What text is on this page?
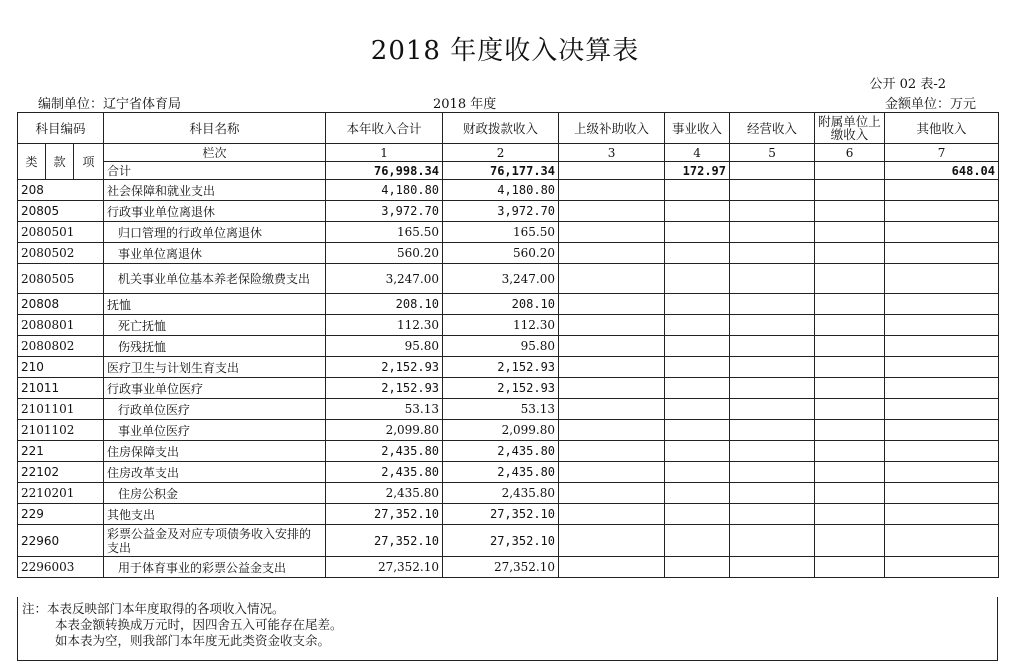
2018 年度收入决算表
公开 02 表-2
编制单位：辽宁省体育局	2018 年度	金额单位：万元
科目编码			科目名称	本年收入合计	财政拨款收入	上级补助收入	事业收入	经营收入	附属单位上缴收入	其他收入
类	款	项	栏次	1	2	3	4	5	6	7
			合计	76,998.34	76,177.34		172.97			648.04
208			社会保障和就业支出	4,180.80	4,180.80					
20805			行政事业单位离退休	3,972.70	3,972.70					
2080501			归口管理的行政单位离退休	165.50	165.50					
2080502			事业单位离退休	560.20	560.20					
2080505			机关事业单位基本养老保险缴费支出	3,247.00	3,247.00					
20808			抚恤	208.10	208.10					
2080801			死亡抚恤	112.30	112.30					
2080802			伤残抚恤	95.80	95.80					
210			医疗卫生与计划生育支出	2,152.93	2,152.93					
21011			行政事业单位医疗	2,152.93	2,152.93					
2101101			行政单位医疗	53.13	53.13					
2101102			事业单位医疗	2,099.80	2,099.80					
221			住房保障支出	2,435.80	2,435.80					
22102			住房改革支出	2,435.80	2,435.80					
2210201			住房公积金	2,435.80	2,435.80					
229			其他支出	27,352.10	27,352.10					
22960			彩票公益金及对应专项债务收入安排的支出	27,352.10	27,352.10					
2296003			用于体育事业的彩票公益金支出	27,352.10	27,352.10					
注：本表反映部门本年度取得的各项收入情况。
本表金额转换成万元时，因四舍五入可能存在尾差。
如本表为空，则我部门本年度无此类资金收支余。
